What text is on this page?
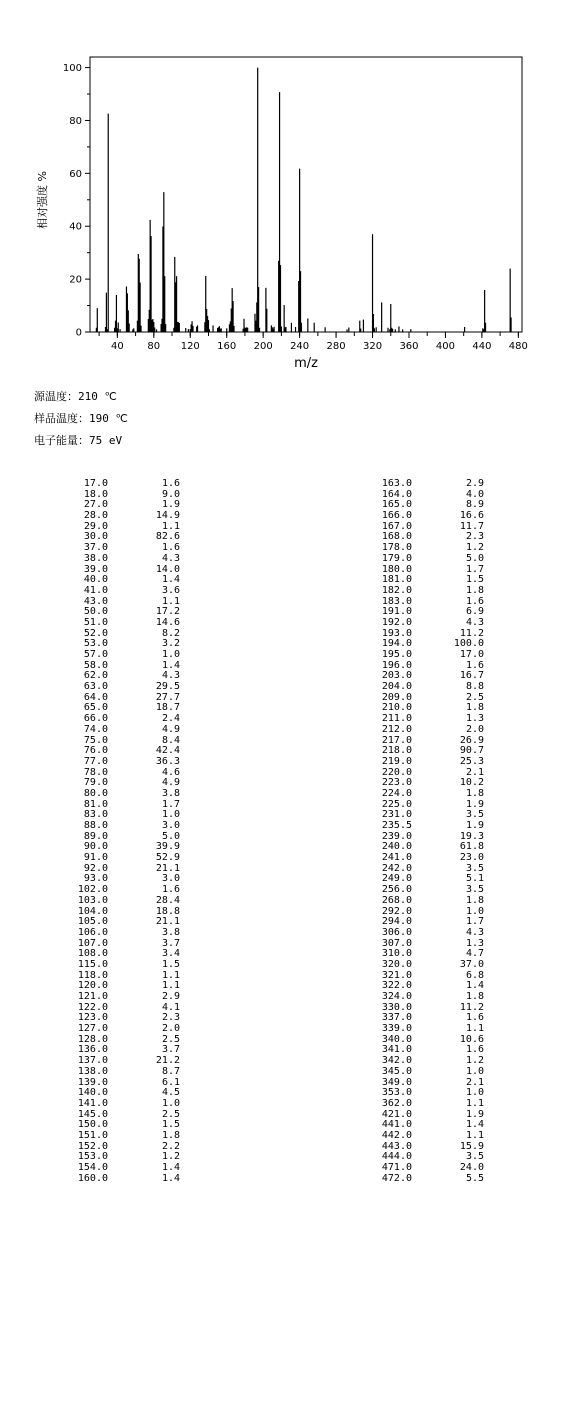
0
20
40
60
80
100
40 80 120 160 200 240 280 320 360 400 440 480
m/z
相对强度 %
源温度：210 ℃
样品温度：190 ℃
电子能量：75 eV
17.0	1.6
18.0	9.0
27.0	1.9
28.0	14.9
29.0	1.1
30.0	82.6
37.0	1.6
38.0	4.3
39.0	14.0
40.0	1.4
41.0	3.6
43.0	1.1
50.0	17.2
51.0	14.6
52.0	8.2
53.0	3.2
57.0	1.0
58.0	1.4
62.0	4.3
63.0	29.5
64.0	27.7
65.0	18.7
66.0	2.4
74.0	4.9
75.0	8.4
76.0	42.4
77.0	36.3
78.0	4.6
79.0	4.9
80.0	3.8
81.0	1.7
83.0	1.0
88.0	3.0
89.0	5.0
90.0	39.9
91.0	52.9
92.0	21.1
93.0	3.0
102.0	1.6
103.0	28.4
104.0	18.8
105.0	21.1
106.0	3.8
107.0	3.7
108.0	3.4
115.0	1.5
118.0	1.1
120.0	1.1
121.0	2.9
122.0	4.1
123.0	2.3
127.0	2.0
128.0	2.5
136.0	3.7
137.0	21.2
138.0	8.7
139.0	6.1
140.0	4.5
141.0	1.0
145.0	2.5
150.0	1.5
151.0	1.8
152.0	2.2
153.0	1.2
154.0	1.4
160.0	1.4
163.0	2.9
164.0	4.0
165.0	8.9
166.0	16.6
167.0	11.7
168.0	2.3
178.0	1.2
179.0	5.0
180.0	1.7
181.0	1.5
182.0	1.8
183.0	1.6
191.0	6.9
192.0	4.3
193.0	11.2
194.0	100.0
195.0	17.0
196.0	1.6
203.0	16.7
204.0	8.8
209.0	2.5
210.0	1.8
211.0	1.3
212.0	2.0
217.0	26.9
218.0	90.7
219.0	25.3
220.0	2.1
223.0	10.2
224.0	1.8
225.0	1.9
231.0	3.5
235.5	1.9
239.0	19.3
240.0	61.8
241.0	23.0
242.0	3.5
249.0	5.1
256.0	3.5
268.0	1.8
292.0	1.0
294.0	1.7
306.0	4.3
307.0	1.3
310.0	4.7
320.0	37.0
321.0	6.8
322.0	1.4
324.0	1.8
330.0	11.2
337.0	1.6
339.0	1.1
340.0	10.6
341.0	1.6
342.0	1.2
345.0	1.0
349.0	2.1
353.0	1.0
362.0	1.1
421.0	1.9
441.0	1.4
442.0	1.1
443.0	15.9
444.0	3.5
471.0	24.0
472.0	5.5
